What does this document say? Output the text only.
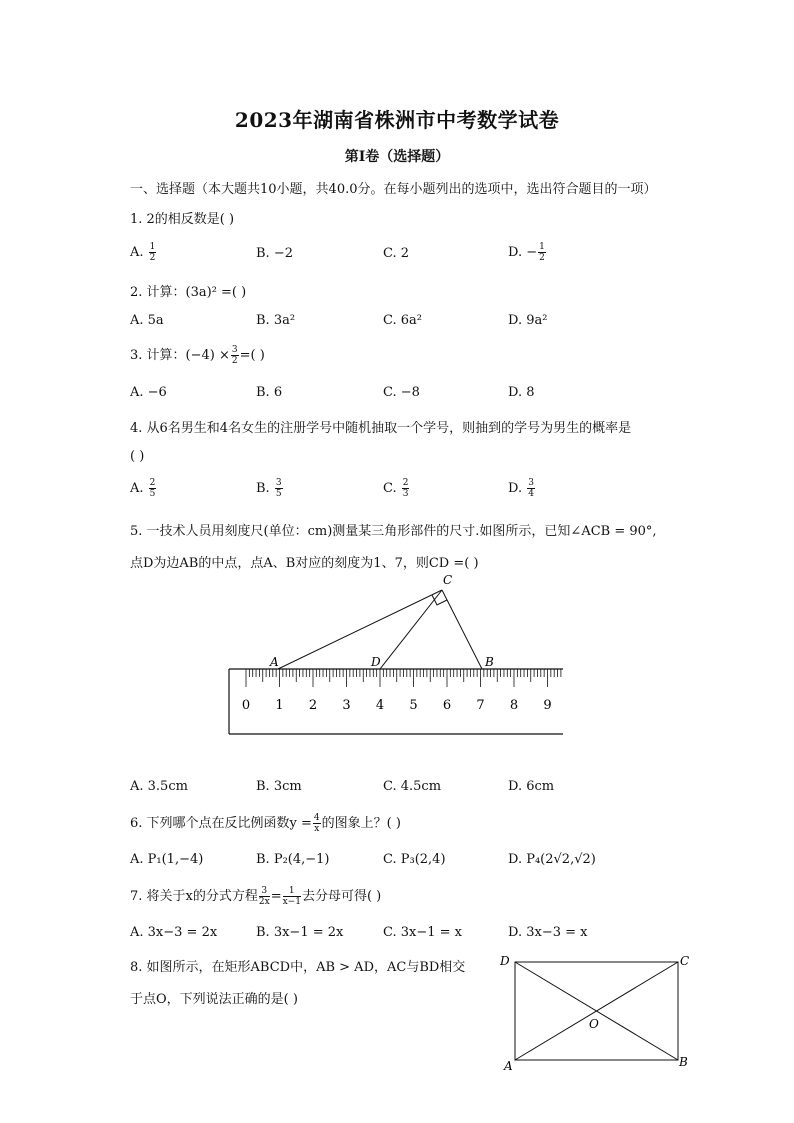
2023年湖南省株洲市中考数学试卷
第Ⅰ卷（选择题）
一、选择题（本大题共10小题，共40.0分。在每小题列出的选项中，选出符合题目的一项）
1. 2的相反数是( )
A. $\frac{1}{2}$	B. −2	C. 2	D. − $\frac{1}{2}$
2. 计算：(3a)² =( )
A. 5a	B. 3a²	C. 6a²	D. 9a²
3. 计算：$(-4) \times \frac{3}{2}$ =( )
A. −6	B. 6	C. −8	D. 8
4. 从6名男生和4名女生的注册学号中随机抽取一个学号，则抽到的学号为男生的概率是
( )
A. $\frac{2}{5}$	B. $\frac{3}{5}$	C. $\frac{2}{3}$	D. $\frac{3}{4}$
5. 一技术人员用刻度尺(单位：cm)测量某三角形部件的尺寸.如图所示，已知∠ACB = 90°,
点D为边AB的中点，点A、B对应的刻度为1、7，则CD =( )
C
A	D	B
0 1 2 3 4 5 6 7 8 9
A. 3.5cm	B. 3cm	C. 4.5cm	D. 6cm
6. 下列哪个点在反比例函数$y = \frac{4}{x}$ 的图象上？( )
A. P₁(1,−4)	B. P₂(4,−1)	C. P₃(2,4)	D. P₄(2√2,√2)
7. 将关于x的分式方程 $\frac{3}{2x} = \frac{1}{x-1}$ 去分母可得( )
A. 3x−3 = 2x	B. 3x−1 = 2x	C. 3x−1 = x	D. 3x−3 = x
8. 如图所示，在矩形ABCD中，AB > AD，AC与BD相交
于点O，下列说法正确的是( )
D	C
A	B
O
